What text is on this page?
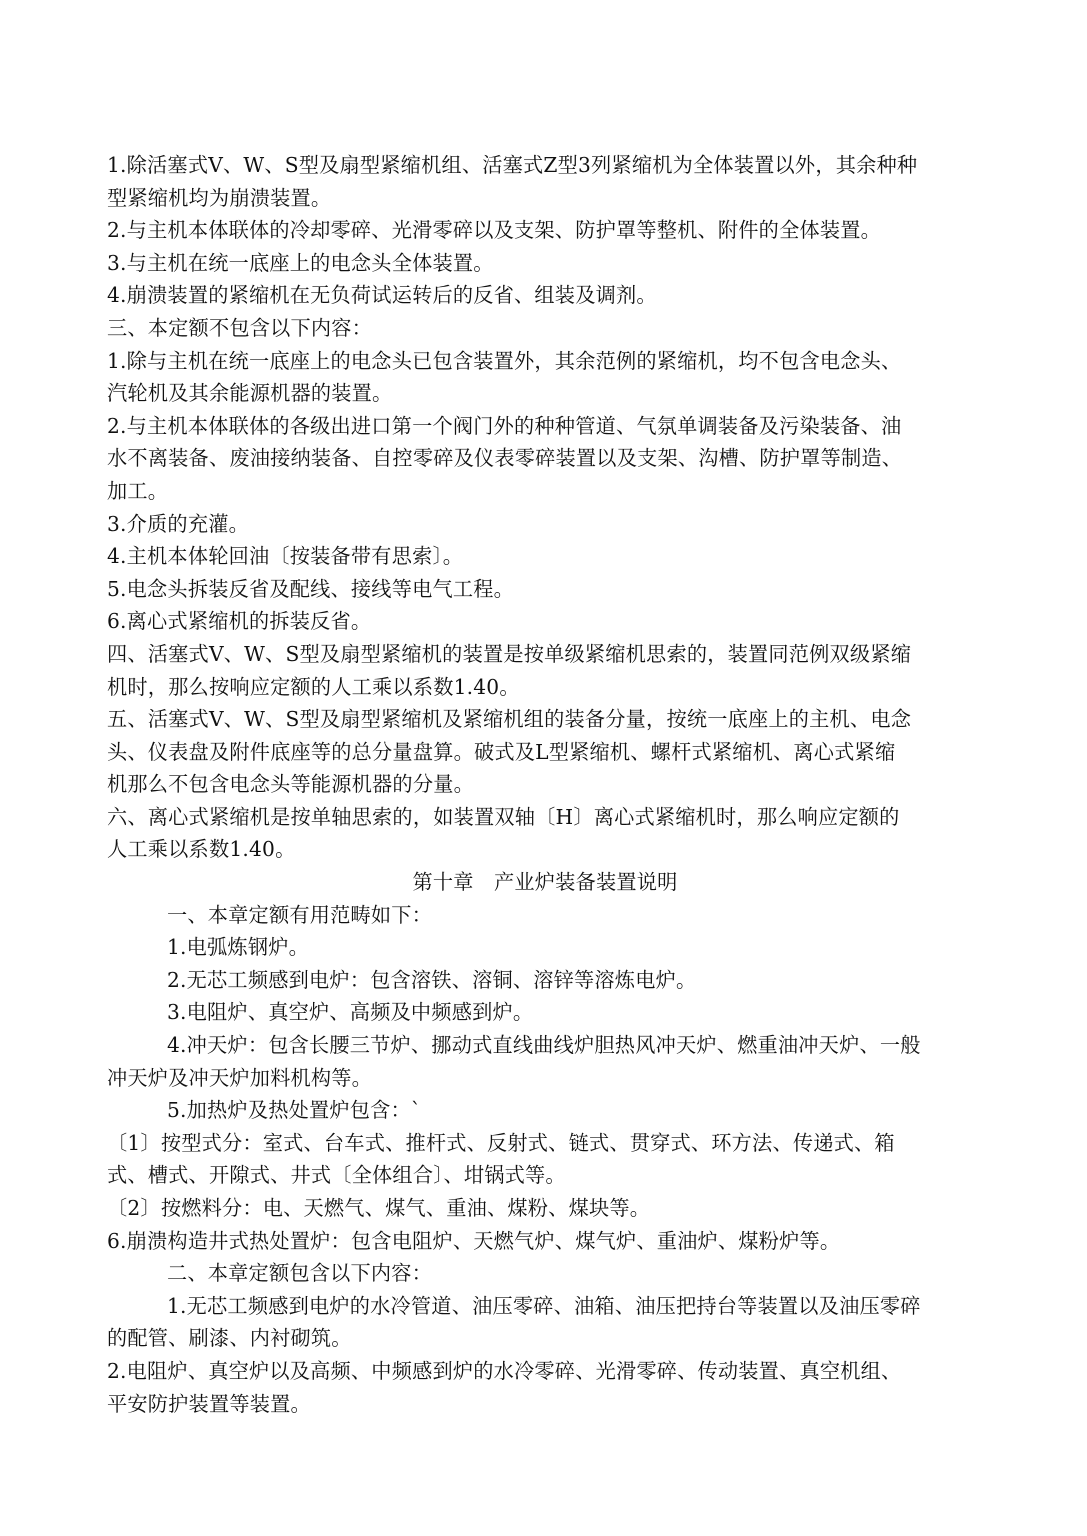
1.除活塞式V、W、S型及扇型紧缩机组、活塞式Z型3列紧缩机为全体装置以外，其余种种
型紧缩机均为崩溃装置。
2.与主机本体联体的冷却零碎、光滑零碎以及支架、防护罩等整机、附件的全体装置。
3.与主机在统一底座上的电念头全体装置。
4.崩溃装置的紧缩机在无负荷试运转后的反省、组装及调剂。
三、本定额不包含以下内容：
1.除与主机在统一底座上的电念头已包含装置外，其余范例的紧缩机，均不包含电念头、
汽轮机及其余能源机器的装置。
2.与主机本体联体的各级出进口第一个阀门外的种种管道、气氛单调装备及污染装备、油
水不离装备、废油接纳装备、自控零碎及仪表零碎装置以及支架、沟槽、防护罩等制造、
加工。
3.介质的充灌。
4.主机本体轮回油〔按装备带有思索〕。
5.电念头拆装反省及配线、接线等电气工程。
6.离心式紧缩机的拆装反省。
四、活塞式V、W、S型及扇型紧缩机的装置是按单级紧缩机思索的，装置同范例双级紧缩
机时，那么按响应定额的人工乘以系数1.40。
五、活塞式V、W、S型及扇型紧缩机及紧缩机组的装备分量，按统一底座上的主机、电念
头、仪表盘及附件底座等的总分量盘算。破式及L型紧缩机、螺杆式紧缩机、离心式紧缩
机那么不包含电念头等能源机器的分量。
六、离心式紧缩机是按单轴思索的，如装置双轴〔H〕离心式紧缩机时，那么响应定额的
人工乘以系数1.40。
第十章　产业炉装备装置说明
一、本章定额有用范畴如下：
1.电弧炼钢炉。
2.无芯工频感到电炉：包含溶铁、溶铜、溶锌等溶炼电炉。
3.电阻炉、真空炉、高频及中频感到炉。
4.冲天炉：包含长腰三节炉、挪动式直线曲线炉胆热风冲天炉、燃重油冲天炉、一般
冲天炉及冲天炉加料机构等。
5.加热炉及热处置炉包含：`
〔1〕按型式分：室式、台车式、推杆式、反射式、链式、贯穿式、环方法、传递式、箱
式、槽式、开隙式、井式〔全体组合〕、坩锅式等。
〔2〕按燃料分：电、天燃气、煤气、重油、煤粉、煤块等。
6.崩溃构造井式热处置炉：包含电阻炉、天燃气炉、煤气炉、重油炉、煤粉炉等。
二、本章定额包含以下内容：
1.无芯工频感到电炉的水冷管道、油压零碎、油箱、油压把持台等装置以及油压零碎
的配管、刷漆、内衬砌筑。
2.电阻炉、真空炉以及高频、中频感到炉的水冷零碎、光滑零碎、传动装置、真空机组、
平安防护装置等装置。
